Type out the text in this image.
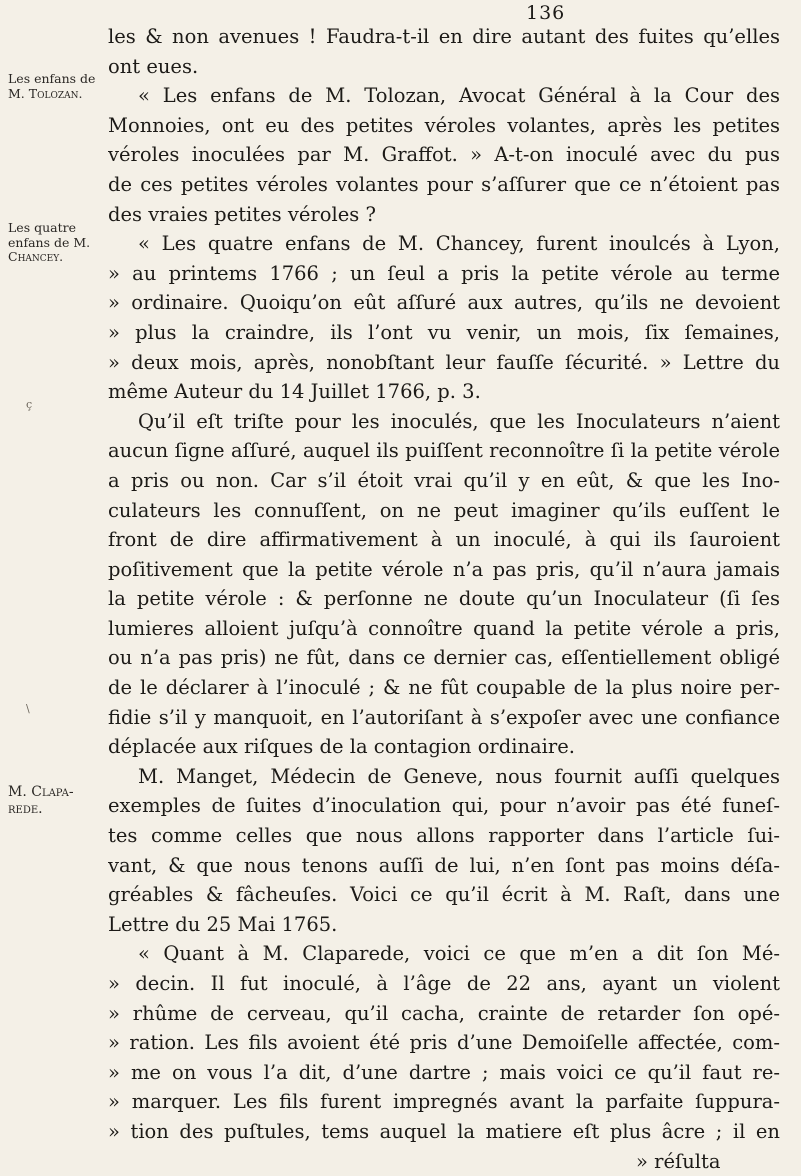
136
Les enfans de
M. Tolozan.
Les quatre
enfans de M.
Chancey.
M. Clapa-
rede.
ç
\
les & non avenues ! Faudra-t-il en dire autant des fuites qu’elles
ont eues.
« Les enfans de M. Tolozan, Avocat Général à la Cour des
Monnoies, ont eu des petites véroles volantes, après les petites
véroles inoculées par M. Graffot. » A-t-on inoculé avec du pus
de ces petites véroles volantes pour s’aſſurer que ce n’étoient pas
des vraies petites véroles ?
« Les quatre enfans de M. Chancey, furent inoulcés à Lyon,
» au printems 1766 ; un ſeul a pris la petite vérole au terme
» ordinaire. Quoiqu’on eût aſſuré aux autres, qu’ils ne devoient
» plus la craindre, ils l’ont vu venir, un mois, ſix ſemaines,
» deux mois, après, nonobſtant leur fauſſe ſécurité. » Lettre du
même Auteur du 14 Juillet 1766, p. 3.
Qu’il eſt triſte pour les inoculés, que les Inoculateurs n’aient
aucun ſigne aſſuré, auquel ils puiſſent reconnoître ſi la petite vérole
a pris ou non. Car s’il étoit vrai qu’il y en eût, & que les Ino-
culateurs les connuſſent, on ne peut imaginer qu’ils euſſent le
front de dire affirmativement à un inoculé, à qui ils ſauroient
poſitivement que la petite vérole n’a pas pris, qu’il n’aura jamais
la petite vérole : & perſonne ne doute qu’un Inoculateur (ſi ſes
lumieres alloient juſqu’à connoître quand la petite vérole a pris,
ou n’a pas pris) ne fût, dans ce dernier cas, eſſentiellement obligé
de le déclarer à l’inoculé ; & ne fût coupable de la plus noire per-
fidie s’il y manquoit, en l’autoriſant à s’expoſer avec une confiance
déplacée aux riſques de la contagion ordinaire.
M. Manget, Médecin de Geneve, nous fournit auſſi quelques
exemples de ſuites d’inoculation qui, pour n’avoir pas été funeſ-
tes comme celles que nous allons rapporter dans l’article ſui-
vant, & que nous tenons auſſi de lui, n’en ſont pas moins déſa-
gréables & fâcheuſes. Voici ce qu’il écrit à M. Raſt, dans une
Lettre du 25 Mai 1765.
« Quant à M. Claparede, voici ce que m’en a dit ſon Mé-
» decin. Il fut inoculé, à l’âge de 22 ans, ayant un violent
» rhûme de cerveau, qu’il cacha, crainte de retarder ſon opé-
» ration. Les fils avoient été pris d’une Demoiſelle affectée, com-
» me on vous l’a dit, d’une dartre ; mais voici ce qu’il faut re-
» marquer. Les fils furent impregnés avant la parfaite ſuppura-
» tion des puſtules, tems auquel la matiere eſt plus âcre ; il en
» réſulta
